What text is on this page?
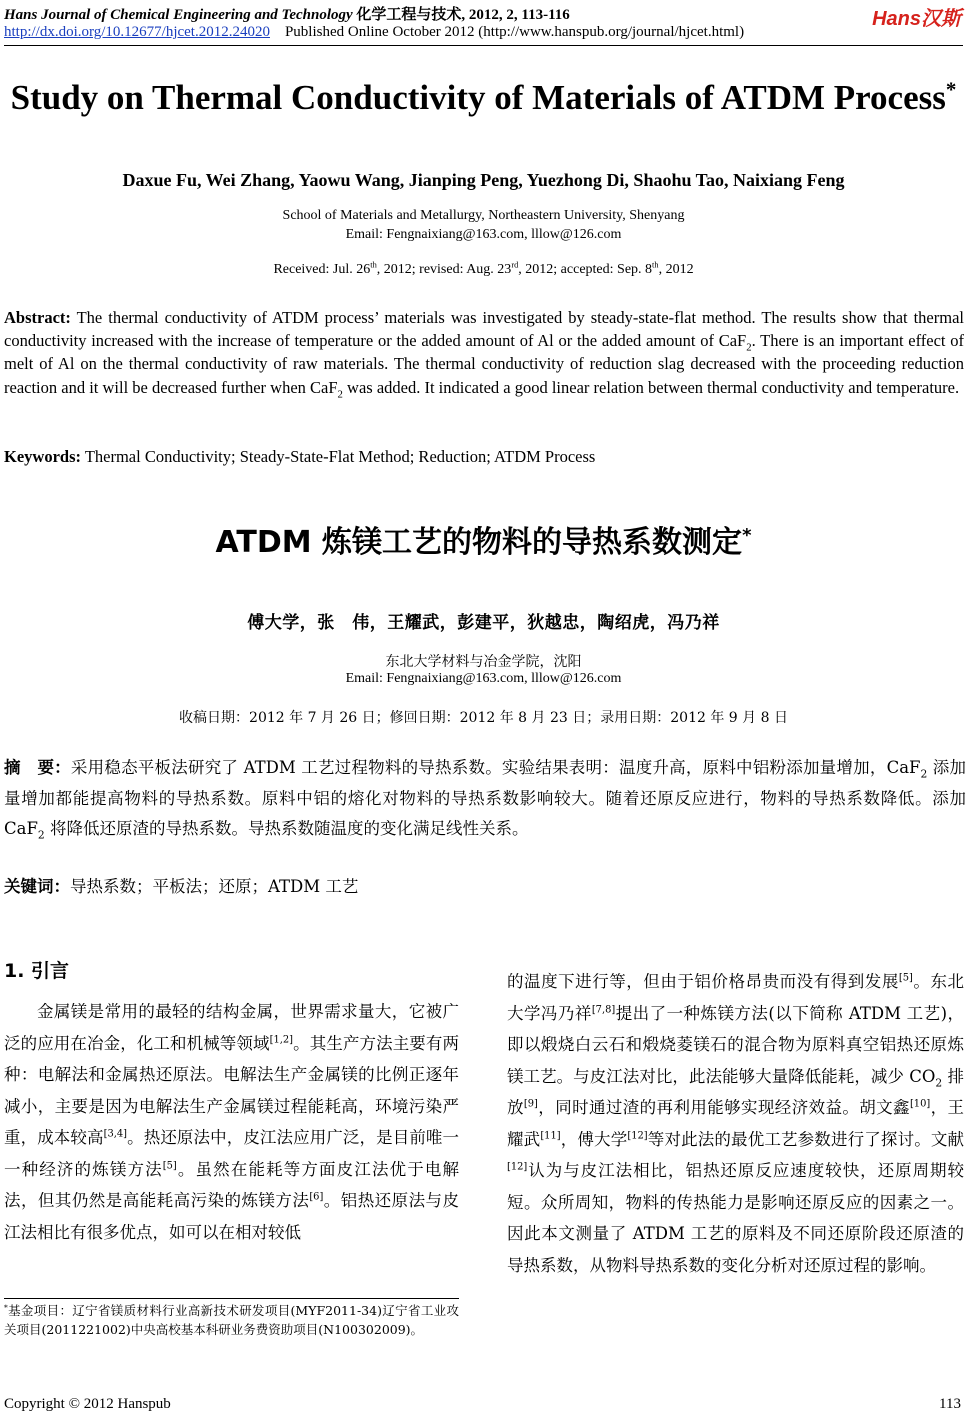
Hans Journal of Chemical Engineering and Technology 化学工程与技术, 2012, 2, 113-116
http://dx.doi.org/10.12677/hjcet.2012.24020 Published Online October 2012 (http://www.hanspub.org/journal/hjcet.html)
Hans汉斯
Study on Thermal Conductivity of Materials of ATDM Process*
Daxue Fu, Wei Zhang, Yaowu Wang, Jianping Peng, Yuezhong Di, Shaohu Tao, Naixiang Feng
School of Materials and Metallurgy, Northeastern University, Shenyang
Email: Fengnaixiang@163.com, lllow@126.com
Received: Jul. 26th, 2012; revised: Aug. 23rd, 2012; accepted: Sep. 8th, 2012
Abstract: The thermal conductivity of ATDM process’ materials was investigated by steady-state-flat method. The results show that thermal conductivity increased with the increase of temperature or the added amount of Al or the added amount of CaF$_2$. There is an important effect of melt of Al on the thermal conductivity of raw materials. The thermal conductivity of reduction slag decreased with the proceeding reduction reaction and it will be decreased further when CaF$_2$ was added. It indicated a good linear relation between thermal conductivity and temperature.
Keywords: Thermal Conductivity; Steady-State-Flat Method; Reduction; ATDM Process
ATDM 炼镁工艺的物料的导热系数测定*
傅大学，张　伟，王耀武，彭建平，狄越忠，陶绍虎，冯乃祥
东北大学材料与冶金学院，沈阳
Email: Fengnaixiang@163.com, lllow@126.com
收稿日期：2012 年 7 月 26 日；修回日期：2012 年 8 月 23 日；录用日期：2012 年 9 月 8 日
摘　要：采用稳态平板法研究了 ATDM 工艺过程物料的导热系数。实验结果表明：温度升高，原料中铝粉添加量增加，CaF$_2$ 添加量增加都能提高物料的导热系数。原料中铝的熔化对物料的导热系数影响较大。随着还原反应进行，物料的导热系数降低。添加 CaF$_2$ 将降低还原渣的导热系数。导热系数随温度的变化满足线性关系。
关键词：导热系数；平板法；还原；ATDM 工艺
1. 引言

金属镁是常用的最轻的结构金属，世界需求量大，它被广泛的应用在冶金，化工和机械等领域[1,2]。其生产方法主要有两种：电解法和金属热还原法。电解法生产金属镁的比例正逐年减小，主要是因为电解法生产金属镁过程能耗高，环境污染严重，成本较高[3,4]。热还原法中，皮江法应用广泛，是目前唯一一种经济的炼镁方法[5]。虽然在能耗等方面皮江法优于电解法，但其仍然是高能耗高污染的炼镁方法[6]。铝热还原法与皮江法相比有很多优点，如可以在相对较低

的温度下进行等，但由于铝价格昂贵而没有得到发展[5]。东北大学冯乃祥[7,8]提出了一种炼镁方法(以下简称 ATDM 工艺)，即以煅烧白云石和煅烧菱镁石的混合物为原料真空铝热还原炼镁工艺。与皮江法对比，此法能够大量降低能耗，减少 $CO_2$ 排放[9]，同时通过渣的再利用能够实现经济效益。胡文鑫[10]，王耀武[11]，傅大学[12]等对此法的最优工艺参数进行了探讨。文献[12]认为与皮江法相比，铝热还原反应速度较快，还原周期较短。众所周知，物料的传热能力是影响还原反应的因素之一。因此本文测量了 ATDM 工艺的原料及不同还原阶段还原渣的导热系数，从物料导热系数的变化分析对还原过程的影响。

*基金项目：辽宁省镁质材料行业高新技术研发项目(MYF2011-34)辽宁省工业攻关项目(2011221002)中央高校基本科研业务费资助项目(N100302009)。
Copyright © 2012 Hanspub	113
